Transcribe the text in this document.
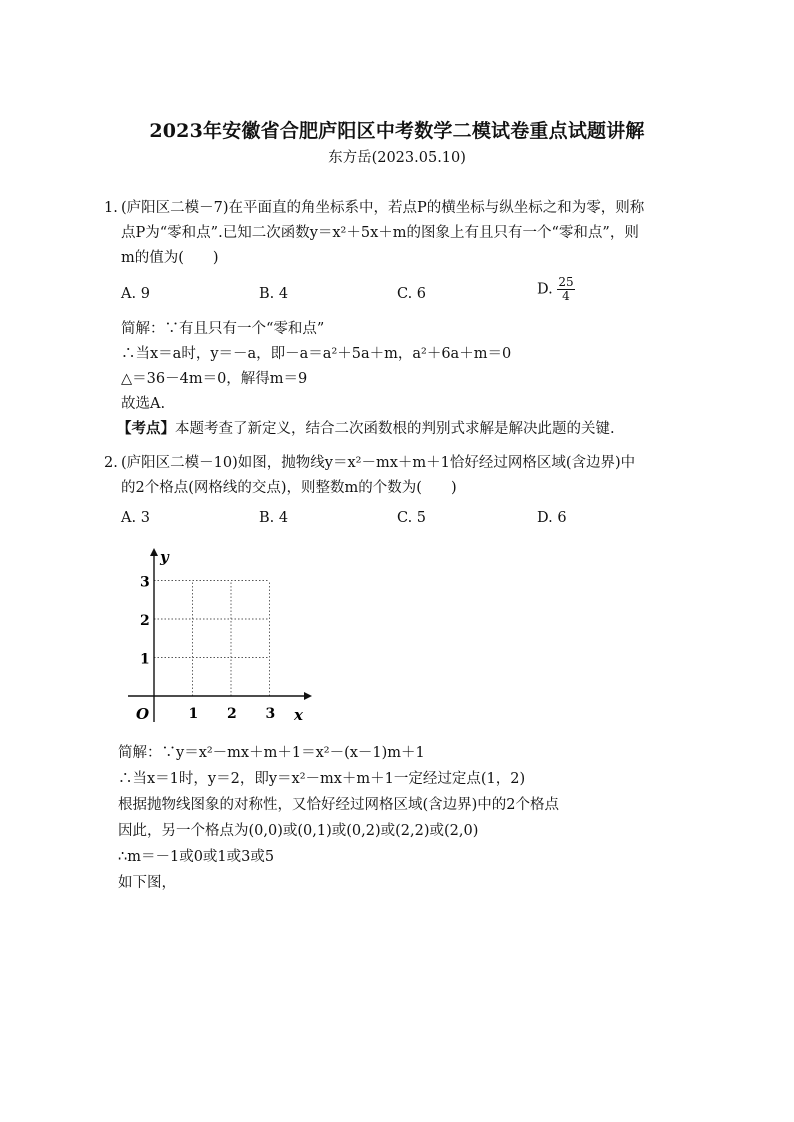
2023年安徽省合肥庐阳区中考数学二模试卷重点试题讲解
东方岳(2023.05.10)
1. (庐阳区二模－7)在平面直的角坐标系中，若点P的横坐标与纵坐标之和为零，则称
点P为“零和点”.已知二次函数y＝x²＋5x＋m的图象上有且只有一个“零和点”，则
m的值为(　　)
A. 9	B. 4	C. 6	D. $\frac{25}{4}$
简解：∵有且只有一个“零和点”
∴当x＝a时，y＝－a，即－a＝a²＋5a＋m，a²＋6a＋m＝0
△＝36－4m＝0，解得m＝9
故选A.
【考点】本题考查了新定义，结合二次函数根的判别式求解是解决此题的关键.
2. (庐阳区二模－10)如图，抛物线y＝x²－mx＋m＋1恰好经过网格区域(含边界)中
的2个格点(网格线的交点)，则整数m的个数为(　　)
A. 3	B. 4	C. 5	D. 6
O	x
y
1 2 3
1
2
3
简解：∵y＝x²－mx＋m＋1＝x²－(x－1)m＋1
∴当x＝1时，y＝2，即y＝x²－mx＋m＋1一定经过定点(1，2)
根据抛物线图象的对称性，又恰好经过网格区域(含边界)中的2个格点
因此，另一个格点为(0,0)或(0,1)或(0,2)或(2,2)或(2,0)
∴m＝－1或0或1或3或5
如下图，
